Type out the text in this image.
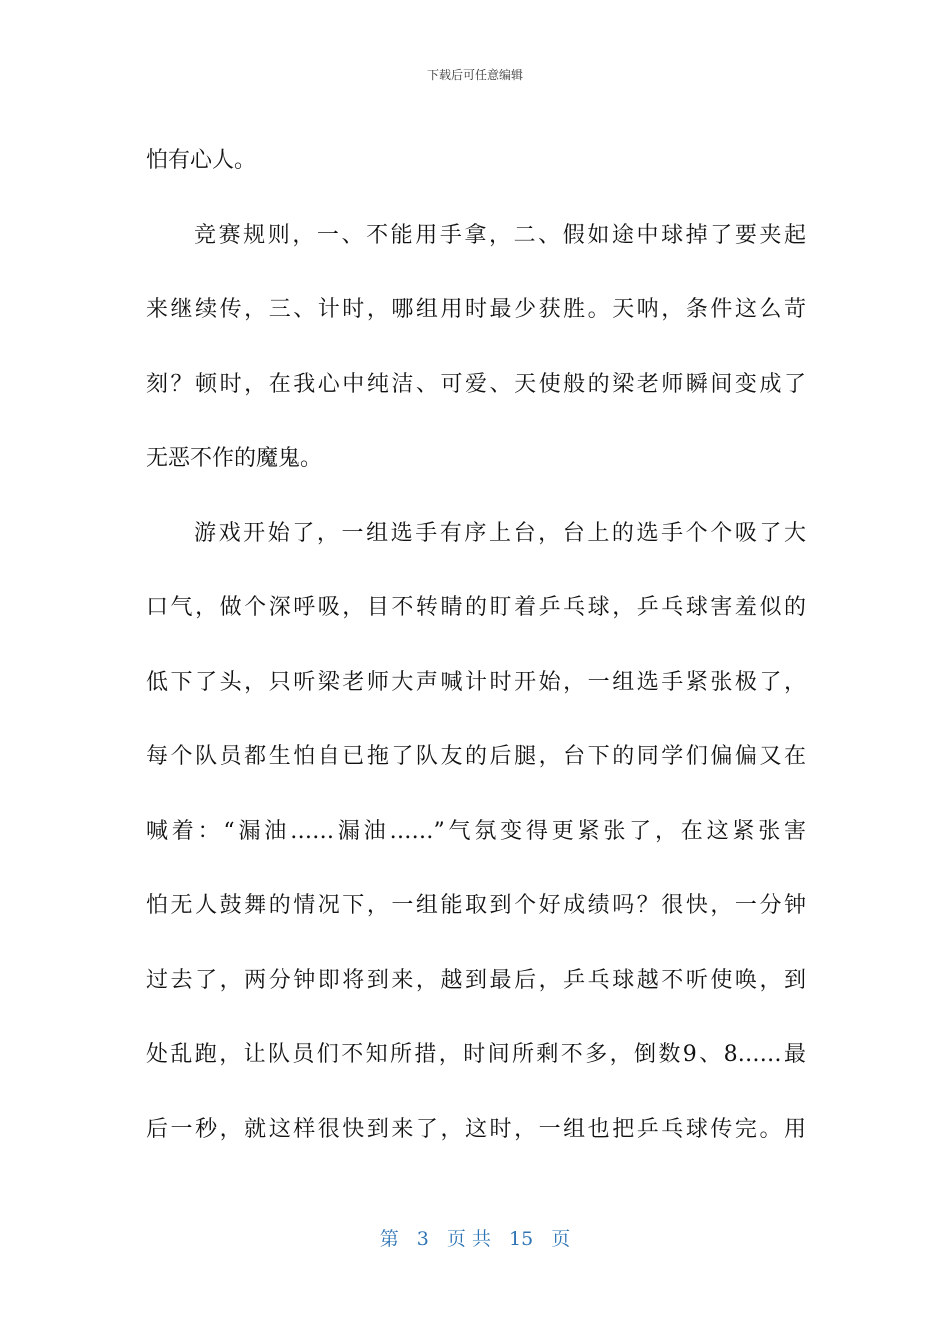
下载后可任意编辑
怕有心人。
竞赛规则，一、不能用手拿，二、假如途中球掉了要夹起
来继续传，三、计时，哪组用时最少获胜。天呐，条件这么苛
刻？顿时，在我心中纯洁、可爱、天使般的梁老师瞬间变成了
无恶不作的魔鬼。
游戏开始了，一组选手有序上台，台上的选手个个吸了大
口气，做个深呼吸，目不转睛的盯着乒乓球，乒乓球害羞似的
低下了头，只听梁老师大声喊计时开始，一组选手紧张极了，
每个队员都生怕自已拖了队友的后腿，台下的同学们偏偏又在
喊着：“漏油……漏油……”气氛变得更紧张了，在这紧张害
怕无人鼓舞的情况下，一组能取到个好成绩吗？很快，一分钟
过去了，两分钟即将到来，越到最后，乒乓球越不听使唤，到
处乱跑，让队员们不知所措，时间所剩不多，倒数9、8……最
后一秒，就这样很快到来了，这时，一组也把乒乓球传完。用
第 3 页 共 15 页
